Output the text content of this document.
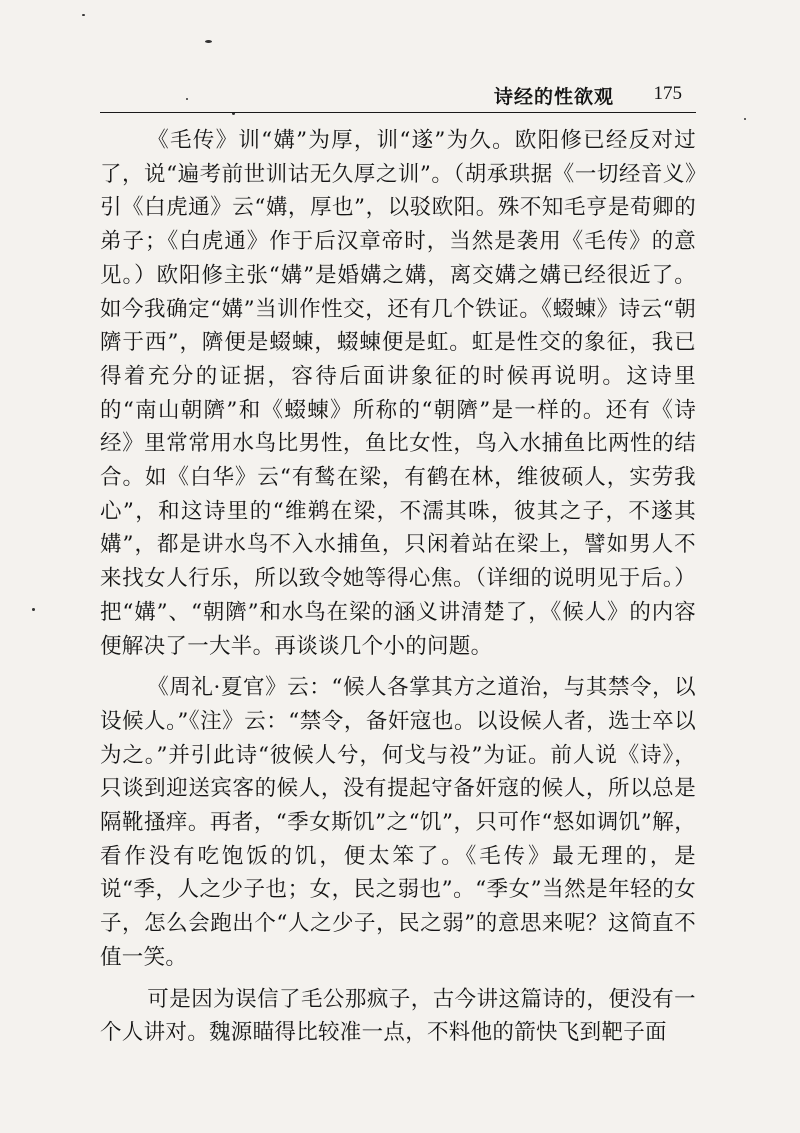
诗经的性欲观 175

《毛传》训“媾”为厚，训“遂”为久。欧阳修已经反对过了，说“遍考前世训诂无久厚之训”。（胡承珙据《一切经音义》引《白虎通》云“媾，厚也”，以驳欧阳。殊不知毛亨是荀卿的弟子；《白虎通》作于后汉章帝时，当然是袭用《毛传》的意见。）欧阳修主张“媾”是婚媾之媾，离交媾之媾已经很近了。如今我确定“媾”当训作性交，还有几个铁证。《蝃蝀》诗云“朝隮于西”，隮便是蝃蝀，蝃蝀便是虹。虹是性交的象征，我已得着充分的证据，容待后面讲象征的时候再说明。这诗里的“南山朝隮”和《蝃蝀》所称的“朝隮”是一样的。还有《诗经》里常常用水鸟比男性，鱼比女性，鸟入水捕鱼比两性的结合。如《白华》云“有鹙在梁，有鹤在林，维彼硕人，实劳我心”，和这诗里的“维鹈在梁，不濡其咮，彼其之子，不遂其媾”，都是讲水鸟不入水捕鱼，只闲着站在梁上，譬如男人不来找女人行乐，所以致令她等得心焦。（详细的说明见于后。）把“媾”、“朝隮”和水鸟在梁的涵义讲清楚了，《候人》的内容便解决了一大半。再谈谈几个小的问题。

《周礼·夏官》云：“候人各掌其方之道治，与其禁令，以设候人。”《注》云：“禁令，备奸寇也。以设候人者，选士卒以为之。”并引此诗“彼候人兮，何戈与祋”为证。前人说《诗》，只谈到迎送宾客的候人，没有提起守备奸寇的候人，所以总是隔靴搔痒。再者，“季女斯饥”之“饥”，只可作“惄如调饥”解，看作没有吃饱饭的饥，便太笨了。《毛传》最无理的，是说“季，人之少子也；女，民之弱也”。“季女”当然是年轻的女子，怎么会跑出个“人之少子，民之弱”的意思来呢？这简直不值一笑。

可是因为误信了毛公那疯子，古今讲这篇诗的，便没有一个人讲对。魏源瞄得比较准一点，不料他的箭快飞到靶子面
